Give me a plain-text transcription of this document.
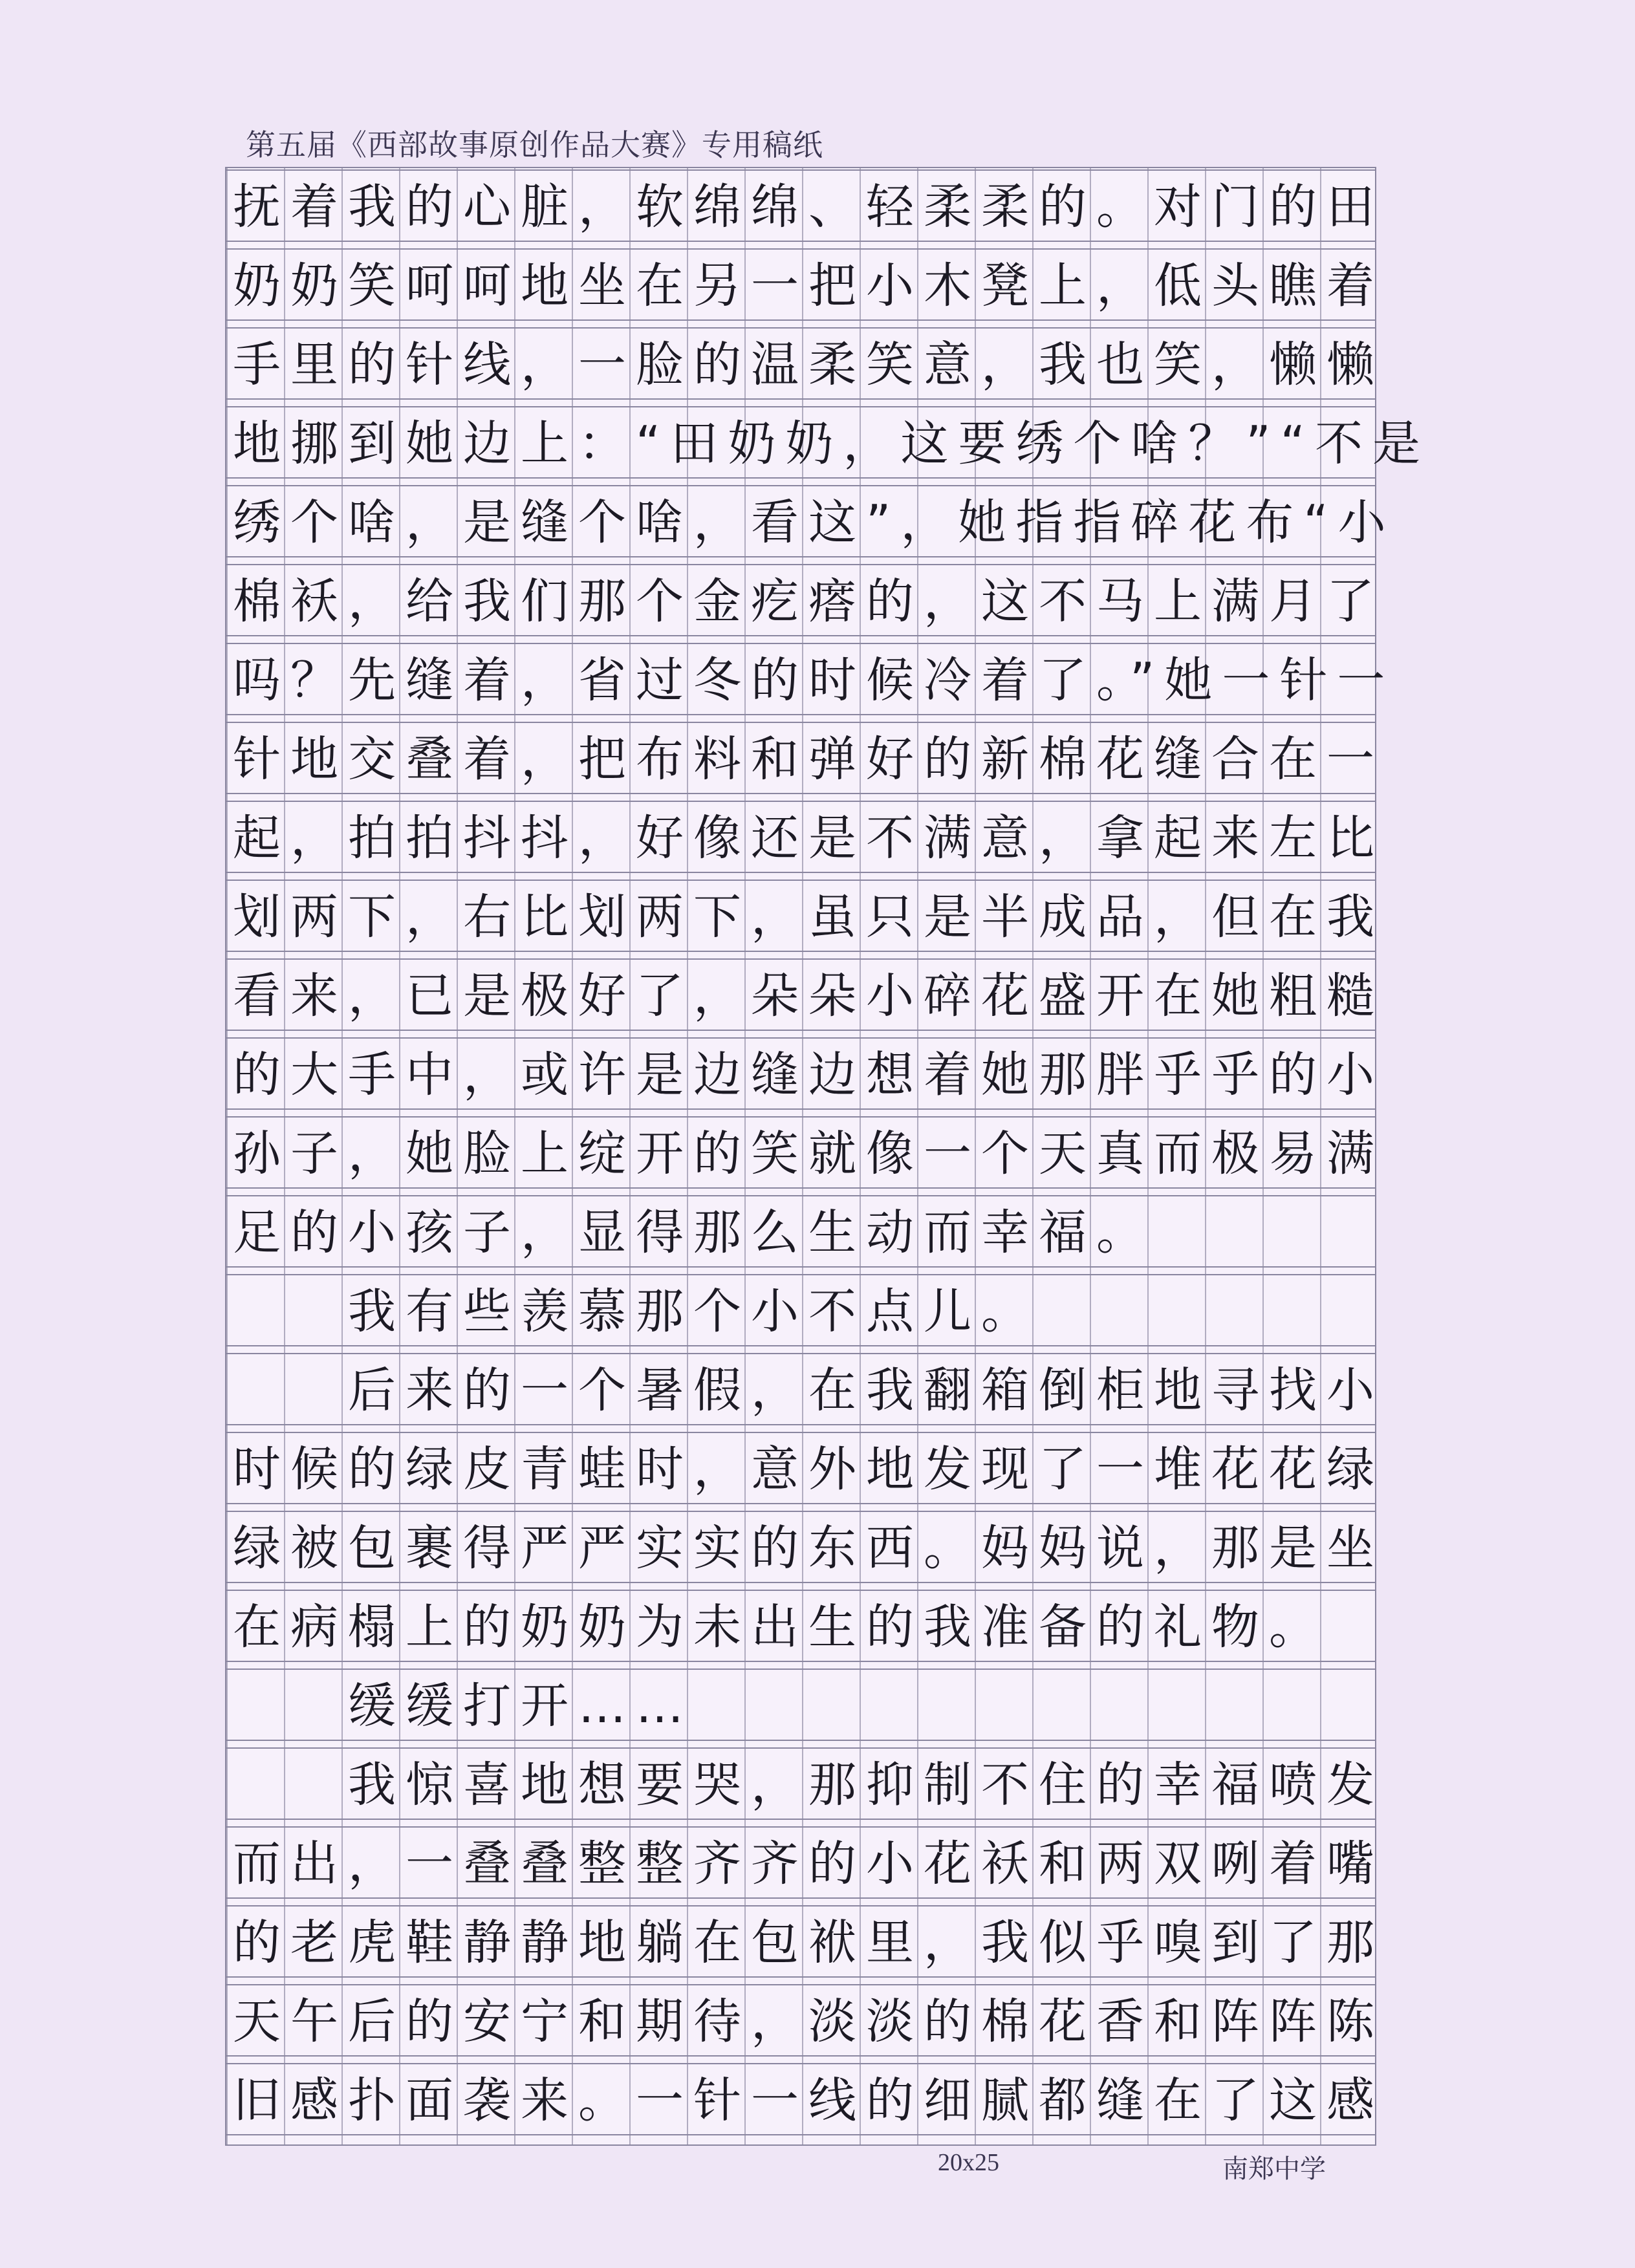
第五届《西部故事原创作品大赛》专用稿纸
抚着我的心脏，软绵绵、轻柔柔的。对门的田
奶奶笑呵呵地坐在另一把小木凳上，低头瞧着
手里的针线，一脸的温柔笑意，我也笑，懒懒
地挪到她边上：“田奶奶，这要绣个啥？”“不是
绣个啥，是缝个啥，看这”，她指指碎花布“小
棉袄，给我们那个金疙瘩的，这不马上满月了
吗？先缝着，省过冬的时候冷着了。”她一针一
针地交叠着，把布料和弹好的新棉花缝合在一
起，拍拍抖抖，好像还是不满意，拿起来左比
划两下，右比划两下，虽只是半成品，但在我
看来，已是极好了，朵朵小碎花盛开在她粗糙
的大手中，或许是边缝边想着她那胖乎乎的小
孙子，她脸上绽开的笑就像一个天真而极易满
足的小孩子，显得那么生动而幸福。
　　我有些羡慕那个小不点儿。
　　后来的一个暑假，在我翻箱倒柜地寻找小
时候的绿皮青蛙时，意外地发现了一堆花花绿
绿被包裹得严严实实的东西。妈妈说，那是坐
在病榻上的奶奶为未出生的我准备的礼物。
　　缓缓打开……
　　我惊喜地想要哭，那抑制不住的幸福喷发
而出，一叠叠整整齐齐的小花袄和两双咧着嘴
的老虎鞋静静地躺在包袱里，我似乎嗅到了那
天午后的安宁和期待，淡淡的棉花香和阵阵陈
旧感扑面袭来。一针一线的细腻都缝在了这感
20x25	南郑中学
